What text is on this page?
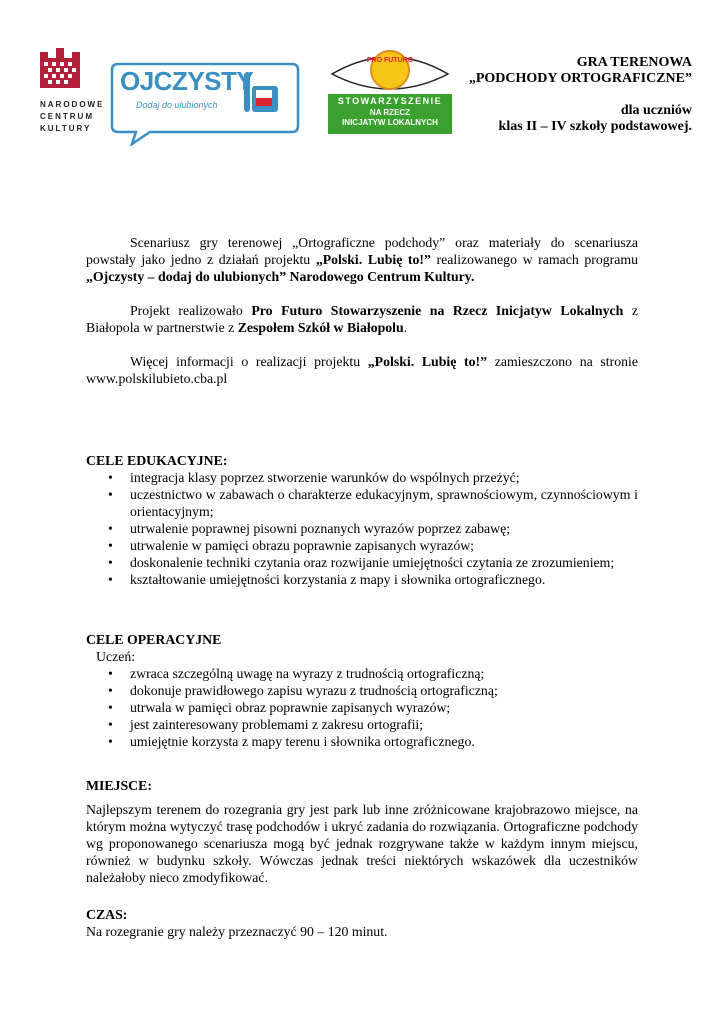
NARODOWE
CENTRUM
KULTURY
OJCZYSTY
Dodaj do ulubionych
PRO FUTURO
STOWARZYSZENIE
NA RZECZ
INICJATYW LOKALNYCH
GRA TERENOWA
„PODCHODY ORTOGRAFICZNE”
dla uczniów
klas II – IV szkoły podstawowej.

Scenariusz gry terenowej „Ortograficzne podchody” oraz materiały do scenariusza powstały jako jedno z działań projektu „Polski. Lubię to!” realizowanego w ramach programu „Ojczysty – dodaj do ulubionych” Narodowego Centrum Kultury.

Projekt realizowało Pro Futuro Stowarzyszenie na Rzecz Inicjatyw Lokalnych z Białopola w partnerstwie z Zespołem Szkół w Białopolu.

Więcej informacji o realizacji projektu „Polski. Lubię to!” zamieszczono na stronie www.polskilubieto.cba.pl

CELE EDUKACYJNE:
• integracja klasy poprzez stworzenie warunków do wspólnych przeżyć;
• uczestnictwo w zabawach o charakterze edukacyjnym, sprawnościowym, czynnościowym i orientacyjnym;
• utrwalenie poprawnej pisowni poznanych wyrazów poprzez zabawę;
• utrwalenie w pamięci obrazu poprawnie zapisanych wyrazów;
• doskonalenie techniki czytania oraz rozwijanie umiejętności czytania ze zrozumieniem;
• kształtowanie umiejętności korzystania z mapy i słownika ortograficznego.
CELE OPERACYJNE

Uczeń:

• zwraca szczególną uwagę na wyrazy z trudnością ortograficzną;
• dokonuje prawidłowego zapisu wyrazu z trudnością ortograficzną;
• utrwala w pamięci obraz poprawnie zapisanych wyrazów;
• jest zainteresowany problemami z zakresu ortografii;
• umiejętnie korzysta z mapy terenu i słownika ortograficznego.
MIEJSCE:

Najlepszym terenem do rozegrania gry jest park lub inne zróżnicowane krajobrazowo miejsce, na którym można wytyczyć trasę podchodów i ukryć zadania do rozwiązania. Ortograficzne podchody wg proponowanego scenariusza mogą być jednak rozgrywane także w każdym innym miejscu, również w budynku szkoły. Wówczas jednak treści niektórych wskazówek dla uczestników należałoby nieco zmodyfikować.

CZAS:

Na rozegranie gry należy przeznaczyć 90 – 120 minut.
